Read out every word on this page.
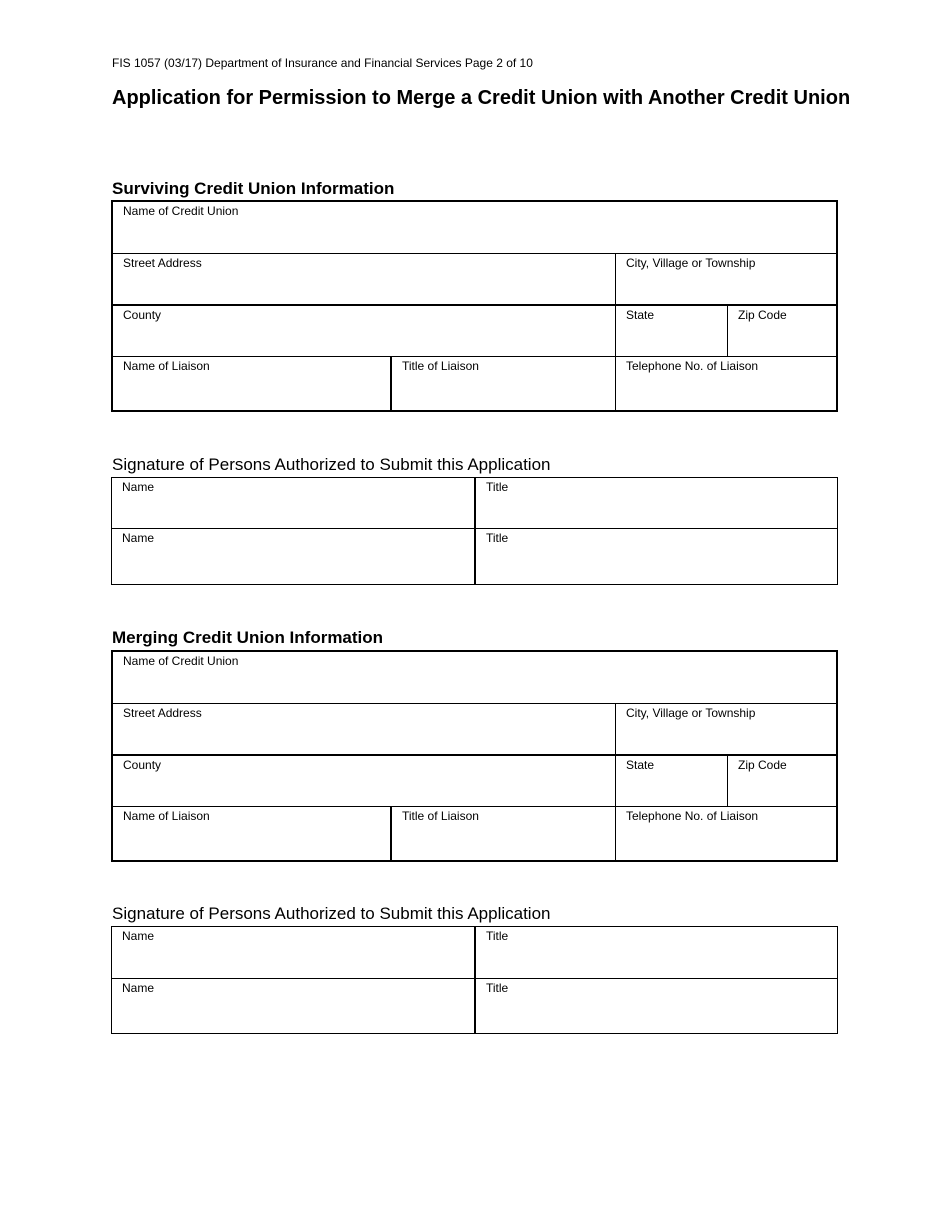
FIS 1057 (03/17) Department of Insurance and Financial Services Page 2 of 10
Application for Permission to Merge a Credit Union with Another Credit Union
Surviving Credit Union Information
Name of Credit Union
Street Address	City, Village or Township
County	State	Zip Code
Name of Liaison	Title of Liaison	Telephone No. of Liaison
Signature of Persons Authorized to Submit this Application
Name	Title
Name	Title
Merging Credit Union Information
Name of Credit Union
Street Address	City, Village or Township
County	State	Zip Code
Name of Liaison	Title of Liaison	Telephone No. of Liaison
Signature of Persons Authorized to Submit this Application
Name	Title
Name	Title
